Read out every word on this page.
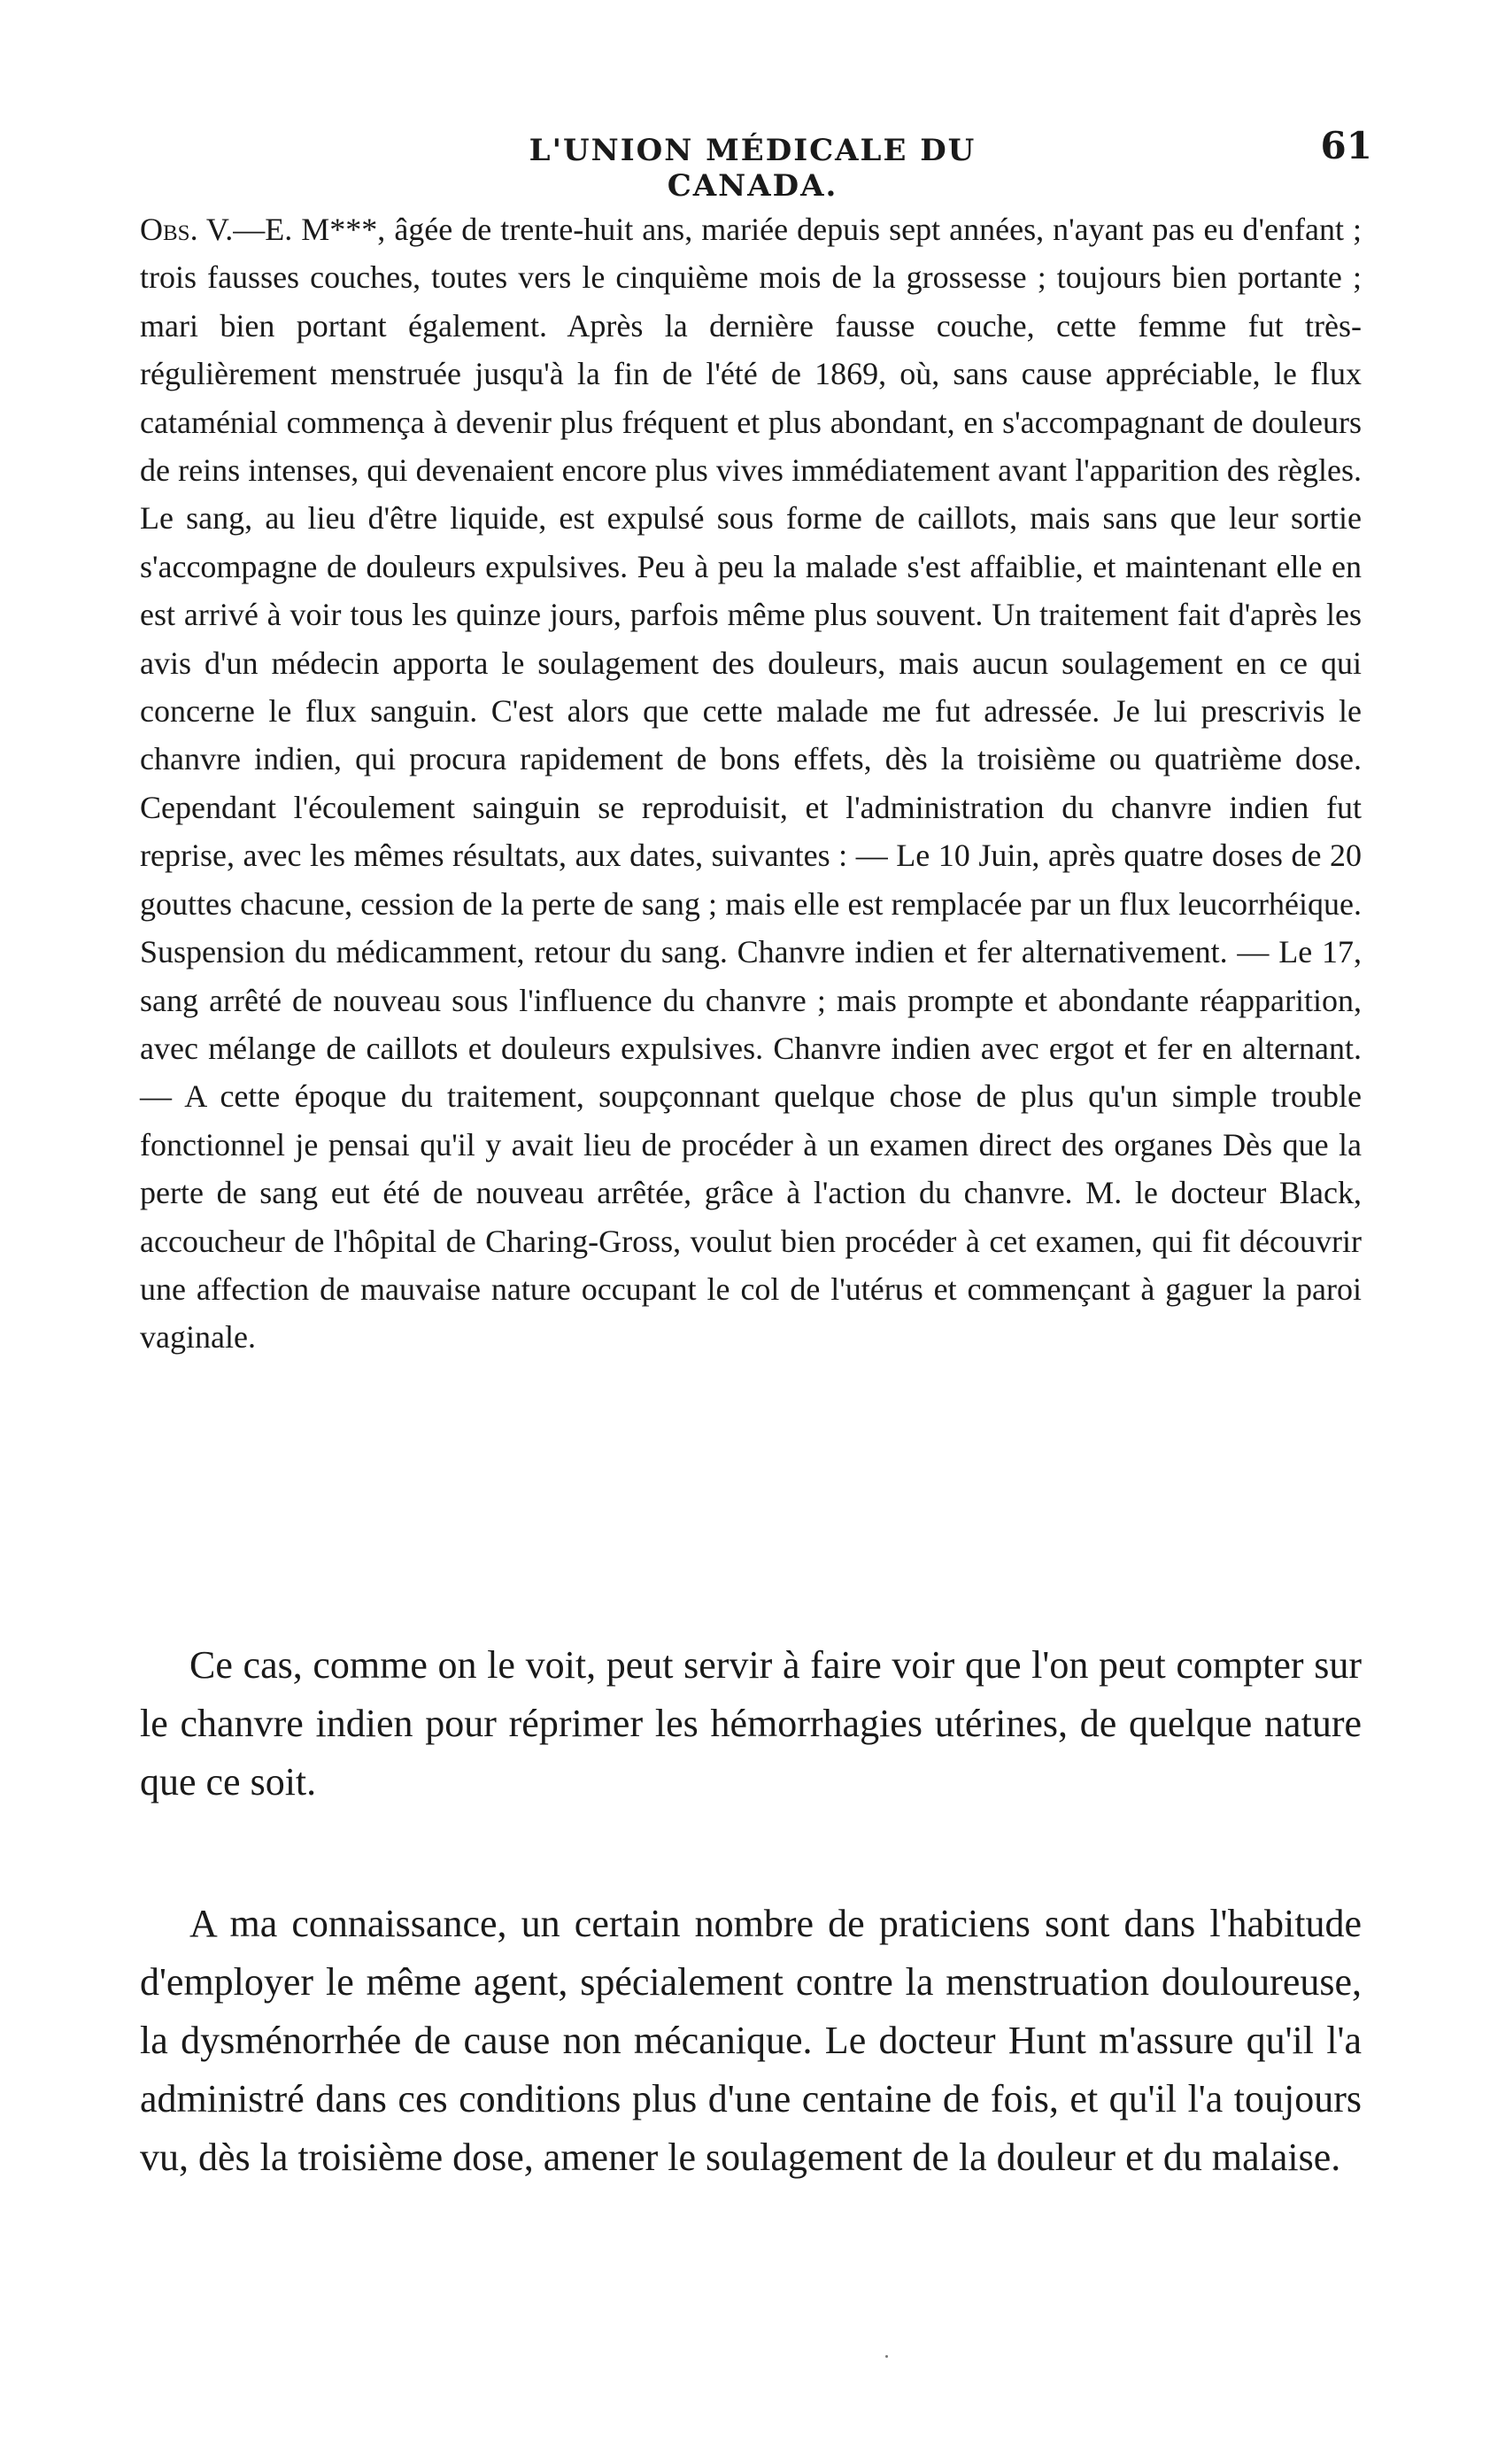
L'UNION MÉDICALE DU CANADA.
61

Obs. V.—E. M***, âgée de trente-huit ans, mariée depuis sept années, n'ayant pas eu d'enfant ; trois fausses couches, toutes vers le cinquième mois de la grossesse ; toujours bien portante ; mari bien portant également. Après la dernière fausse couche, cette femme fut très-régulièrement menstruée jusqu'à la fin de l'été de 1869, où, sans cause appréciable, le flux cataménial commença à devenir plus fréquent et plus abondant, en s'accompagnant de douleurs de reins intenses, qui devenaient encore plus vives immédiatement avant l'apparition des règles. Le sang, au lieu d'être liquide, est expulsé sous forme de caillots, mais sans que leur sortie s'accompagne de douleurs expulsives. Peu à peu la malade s'est affaiblie, et maintenant elle en est arrivé à voir tous les quinze jours, parfois même plus souvent. Un traitement fait d'après les avis d'un médecin apporta le soulagement des douleurs, mais aucun soulagement en ce qui concerne le flux sanguin. C'est alors que cette malade me fut adressée. Je lui prescrivis le chanvre indien, qui procura rapidement de bons effets, dès la troisième ou quatrième dose. Cependant l'écoulement sainguin se reproduisit, et l'administration du chanvre indien fut reprise, avec les mêmes résultats, aux dates, suivantes : — Le 10 Juin, après quatre doses de 20 gouttes chacune, cession de la perte de sang ; mais elle est remplacée par un flux leucorrhéique. Suspension du médicamment, retour du sang. Chanvre indien et fer alternativement. — Le 17, sang arrêté de nouveau sous l'influence du chanvre ; mais prompte et abondante réapparition, avec mélange de caillots et douleurs expulsives. Chanvre indien avec ergot et fer en alternant. — A cette époque du traitement, soupçonnant quelque chose de plus qu'un simple trouble fonctionnel je pensai qu'il y avait lieu de procéder à un examen direct des organes Dès que la perte de sang eut été de nouveau arrêtée, grâce à l'action du chanvre. M. le docteur Black, accoucheur de l'hôpital de Charing-Gross, voulut bien procéder à cet examen, qui fit découvrir une affection de mauvaise nature occupant le col de l'utérus et commençant à gaguer la paroi vaginale.

Ce cas, comme on le voit, peut servir à faire voir que l'on peut compter sur le chanvre indien pour réprimer les hémorrhagies utérines, de quelque nature que ce soit.

A ma connaissance, un certain nombre de praticiens sont dans l'habitude d'employer le même agent, spécialement contre la menstruation douloureuse, la dysménorrhée de cause non mécanique. Le docteur Hunt m'assure qu'il l'a administré dans ces conditions plus d'une centaine de fois, et qu'il l'a toujours vu, dès la troisième dose, amener le soulagement de la douleur et du malaise.
